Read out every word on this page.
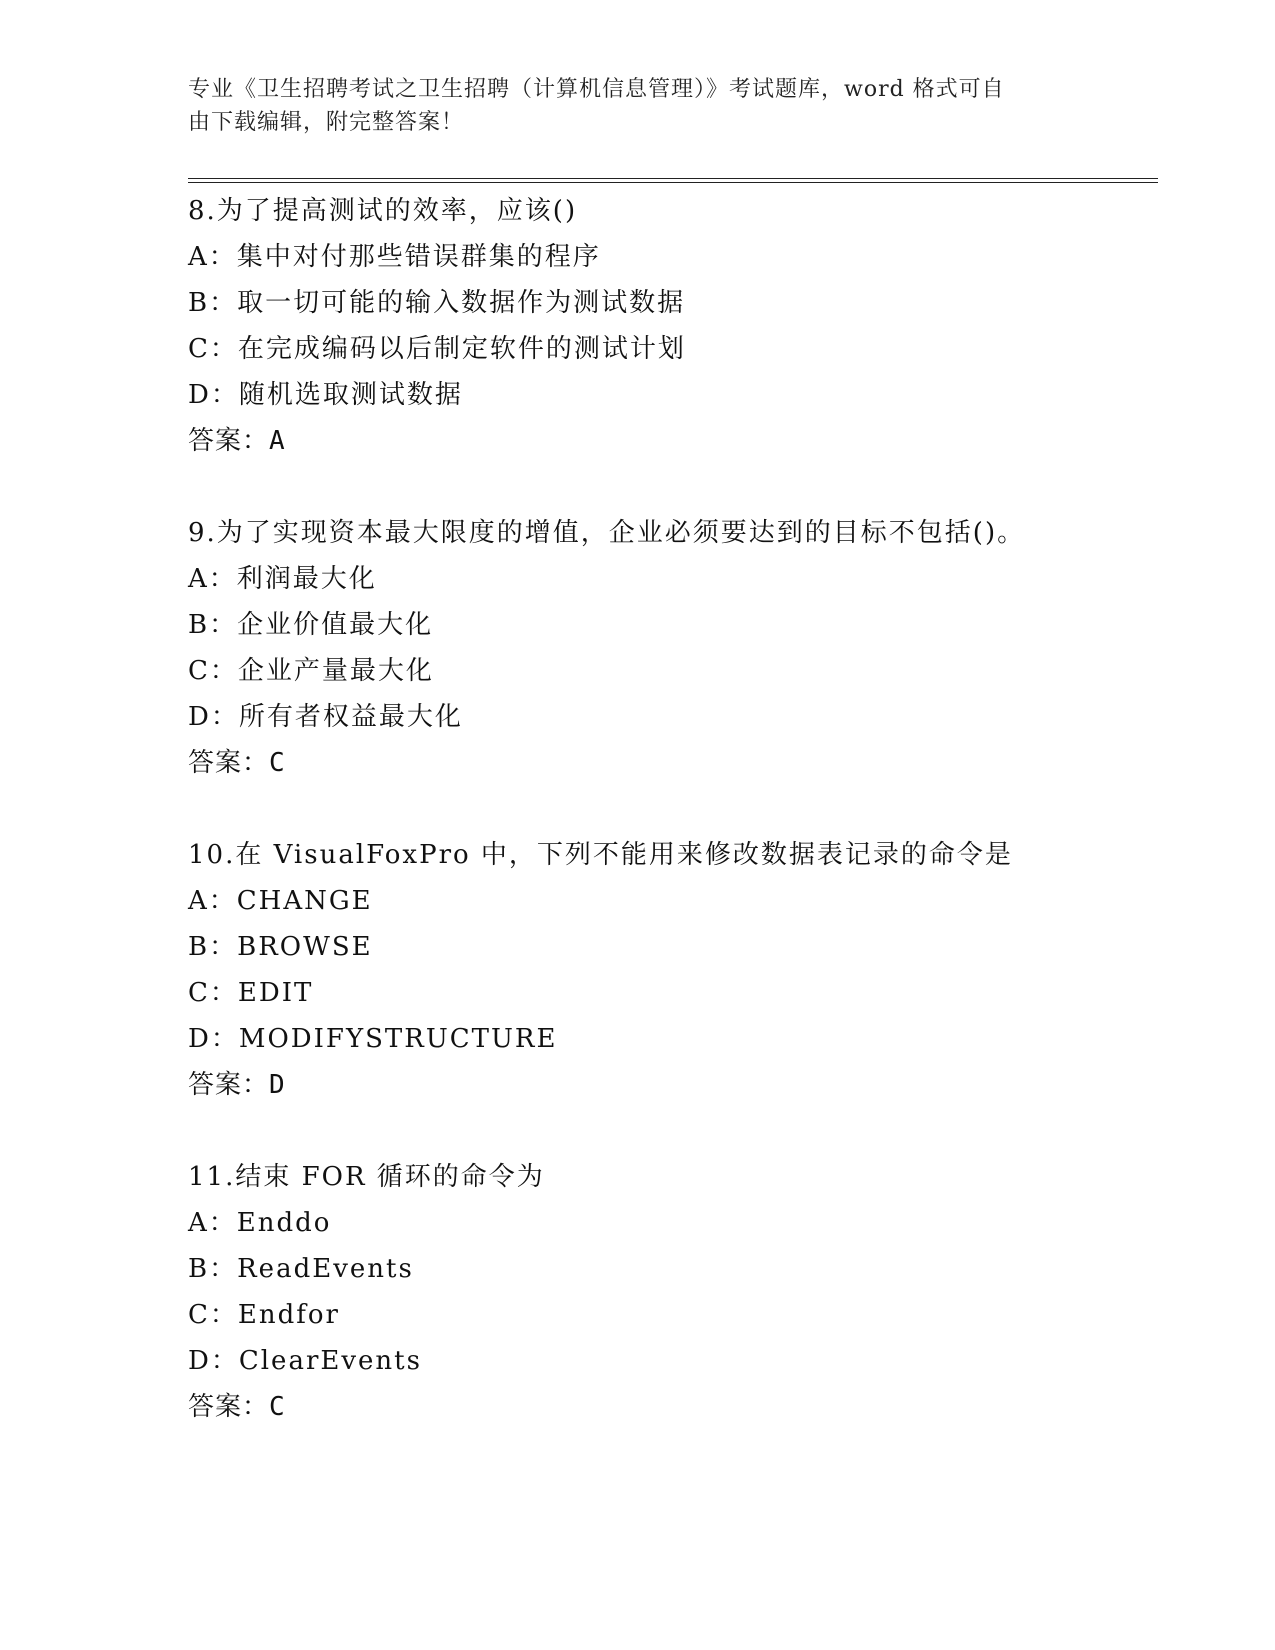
专业《卫生招聘考试之卫生招聘（计算机信息管理）》考试题库，word 格式可自
由下载编辑，附完整答案！
8.为了提高测试的效率，应该()
A：集中对付那些错误群集的程序
B：取一切可能的输入数据作为测试数据
C：在完成编码以后制定软件的测试计划
D：随机选取测试数据
答案：A
9.为了实现资本最大限度的增值，企业必须要达到的目标不包括()。
A：利润最大化
B：企业价值最大化
C：企业产量最大化
D：所有者权益最大化
答案：C
10.在 VisualFoxPro 中，下列不能用来修改数据表记录的命令是
A：CHANGE
B：BROWSE
C：EDIT
D：MODIFYSTRUCTURE
答案：D
11.结束 FOR 循环的命令为
A：Enddo
B：ReadEvents
C：Endfor
D：ClearEvents
答案：C
